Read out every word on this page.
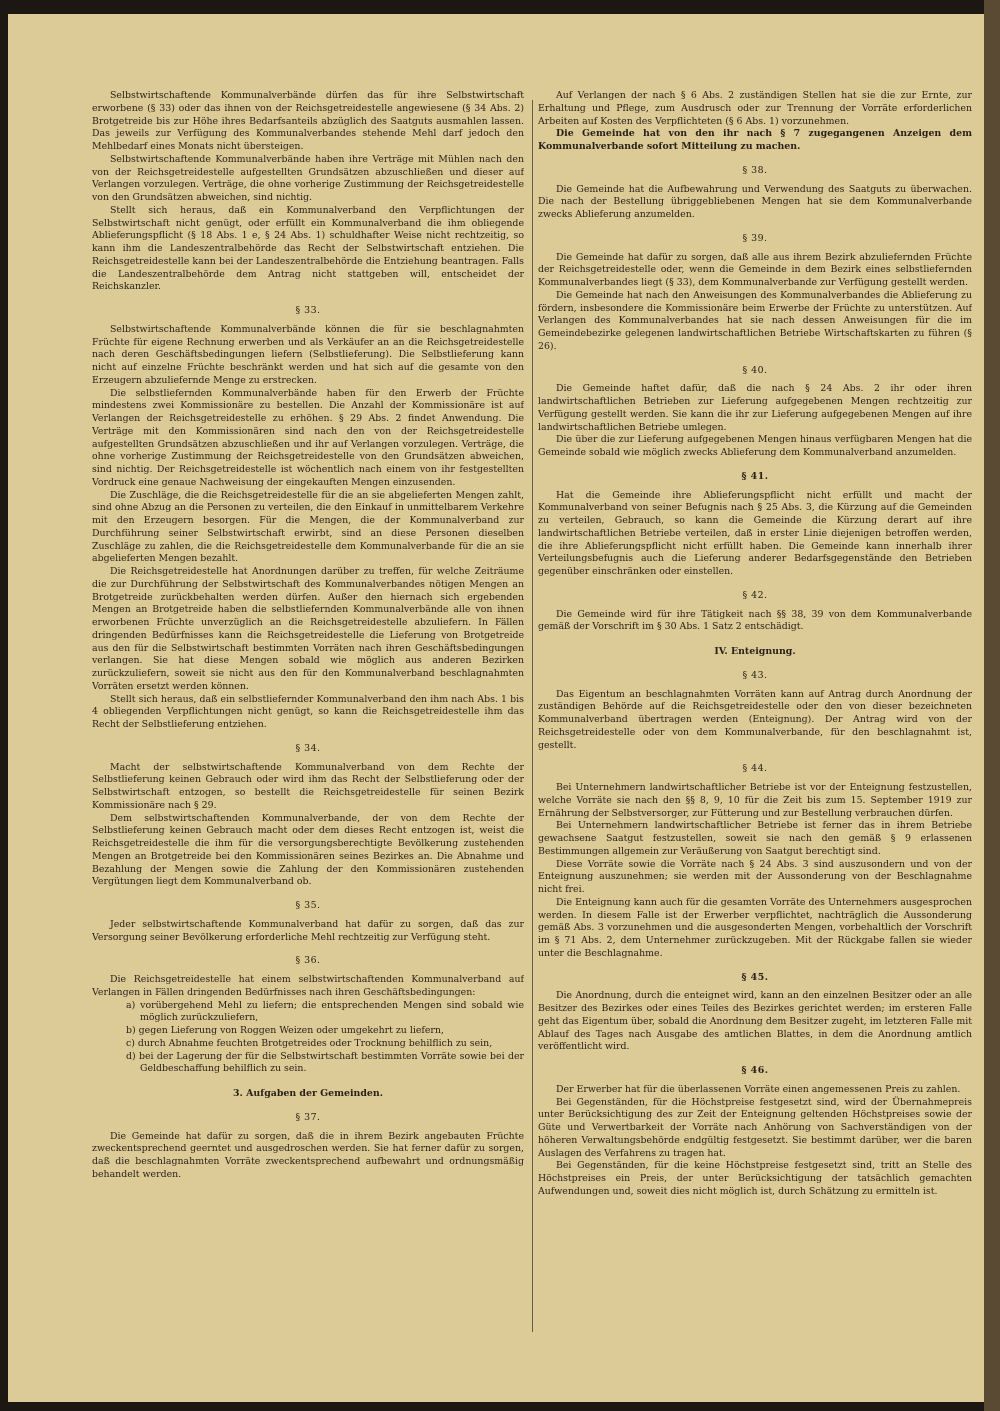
Selbstwirtschaftende Kommunalverbände dürfen das für ihre Selbstwirtschaft erworbene (§ 33) oder das ihnen von der Reichsgetreidestelle angewiesene (§ 34 Abs. 2) Brotgetreide bis zur Höhe ihres Bedarfsanteils abzüglich des Saatguts ausmahlen lassen. Das jeweils zur Verfügung des Kommunalverbandes stehende Mehl darf jedoch den Mehlbedarf eines Monats nicht übersteigen.

Selbstwirtschaftende Kommunalverbände haben ihre Verträge mit Mühlen nach den von der Reichsgetreidestelle aufgestellten Grundsätzen abzuschließen und dieser auf Verlangen vorzulegen. Verträge, die ohne vorherige Zustimmung der Reichsgetreidestelle von den Grundsätzen abweichen, sind nichtig.

Stellt sich heraus, daß ein Kommunalverband den Verpflichtungen der Selbstwirtschaft nicht genügt, oder erfüllt ein Kommunalverband die ihm obliegende Ablieferungspflicht (§ 18 Abs. 1 e, § 24 Abs. 1) schuldhafter Weise nicht rechtzeitig, so kann ihm die Landeszentralbehörde das Recht der Selbstwirtschaft entziehen. Die Reichsgetreidestelle kann bei der Landeszentralbehörde die Entziehung beantragen. Falls die Landeszentralbehörde dem Antrag nicht stattgeben will, entscheidet der Reichskanzler.

§ 33.

Selbstwirtschaftende Kommunalverbände können die für sie beschlagnahmten Früchte für eigene Rechnung erwerben und als Verkäufer an an die Reichsgetreidestelle nach deren Geschäftsbedingungen liefern (Selbstlieferung). Die Selbstlieferung kann nicht auf einzelne Früchte beschränkt werden und hat sich auf die gesamte von den Erzeugern abzuliefernde Menge zu erstrecken.

Die selbstliefernden Kommunalverbände haben für den Erwerb der Früchte mindestens zwei Kommissionäre zu bestellen. Die Anzahl der Kommissionäre ist auf Verlangen der Reichsgetreidestelle zu erhöhen. § 29 Abs. 2 findet Anwendung. Die Verträge mit den Kommissionären sind nach den von der Reichsgetreidestelle aufgestellten Grundsätzen abzuschließen und ihr auf Verlangen vorzulegen. Verträge, die ohne vorherige Zustimmung der Reichsgetreidestelle von den Grundsätzen abweichen, sind nichtig. Der Reichsgetreidestelle ist wöchentlich nach einem von ihr festgestellten Vordruck eine genaue Nachweisung der eingekauften Mengen einzusenden.

Die Zuschläge, die die Reichsgetreidestelle für die an sie abgelieferten Mengen zahlt, sind ohne Abzug an die Personen zu verteilen, die den Einkauf in unmittelbarem Verkehre mit den Erzeugern besorgen. Für die Mengen, die der Kommunalverband zur Durchführung seiner Selbstwirtschaft erwirbt, sind an diese Personen dieselben Zuschläge zu zahlen, die die Reichsgetreidestelle dem Kommunalverbande für die an sie abgelieferten Mengen bezahlt.

Die Reichsgetreidestelle hat Anordnungen darüber zu treffen, für welche Zeiträume die zur Durchführung der Selbstwirtschaft des Kommunalverbandes nötigen Mengen an Brotgetreide zurückbehalten werden dürfen. Außer den hiernach sich ergebenden Mengen an Brotgetreide haben die selbstliefernden Kommunalverbände alle von ihnen erworbenen Früchte unverzüglich an die Reichsgetreidestelle abzuliefern. In Fällen dringenden Bedürfnisses kann die Reichsgetreidestelle die Lieferung von Brotgetreide aus den für die Selbstwirtschaft bestimmten Vorräten nach ihren Geschäftsbedingungen verlangen. Sie hat diese Mengen sobald wie möglich aus anderen Bezirken zurückzuliefern, soweit sie nicht aus den für den Kommunalverband beschlagnahmten Vorräten ersetzt werden können.

Stellt sich heraus, daß ein selbstliefernder Kommunalverband den ihm nach Abs. 1 bis 4 obliegenden Verpflichtungen nicht genügt, so kann die Reichsgetreidestelle ihm das Recht der Selbstlieferung entziehen.

§ 34.

Macht der selbstwirtschaftende Kommunalverband von dem Rechte der Selbstlieferung keinen Gebrauch oder wird ihm das Recht der Selbstlieferung oder der Selbstwirtschaft entzogen, so bestellt die Reichsgetreidestelle für seinen Bezirk Kommissionäre nach § 29.

Dem selbstwirtschaftenden Kommunalverbande, der von dem Rechte der Selbstlieferung keinen Gebrauch macht oder dem dieses Recht entzogen ist, weist die Reichsgetreidestelle die ihm für die versorgungsberechtigte Bevölkerung zustehenden Mengen an Brotgetreide bei den Kommissionären seines Bezirkes an. Die Abnahme und Bezahlung der Mengen sowie die Zahlung der den Kommissionären zustehenden Vergütungen liegt dem Kommunalverband ob.

§ 35.

Jeder selbstwirtschaftende Kommunalverband hat dafür zu sorgen, daß das zur Versorgung seiner Bevölkerung erforderliche Mehl rechtzeitig zur Verfügung steht.

§ 36.

Die Reichsgetreidestelle hat einem selbstwirtschaftenden Kommunalverband auf Verlangen in Fällen dringenden Bedürfnisses nach ihren Geschäftsbedingungen:

a) vorübergehend Mehl zu liefern; die entsprechenden Mengen sind sobald wie möglich zurückzuliefern,
b) gegen Lieferung von Roggen Weizen oder umgekehrt zu liefern,
c) durch Abnahme feuchten Brotgetreides oder Trocknung behilflich zu sein,
d) bei der Lagerung der für die Selbstwirtschaft bestimmten Vorräte sowie bei der Geldbeschaffung behilflich zu sein.
3. Aufgaben der Gemeinden.
§ 37.

Die Gemeinde hat dafür zu sorgen, daß die in ihrem Bezirk angebauten Früchte zweckentsprechend geerntet und ausgedroschen werden. Sie hat ferner dafür zu sorgen, daß die beschlagnahmten Vorräte zweckentsprechend aufbewahrt und ordnungsmäßig behandelt werden.

Auf Verlangen der nach § 6 Abs. 2 zuständigen Stellen hat sie die zur Ernte, zur Erhaltung und Pflege, zum Ausdrusch oder zur Trennung der Vorräte erforderlichen Arbeiten auf Kosten des Verpflichteten (§ 6 Abs. 1) vorzunehmen.

Die Gemeinde hat von den ihr nach § 7 zugegangenen Anzeigen dem Kommunalverbande sofort Mitteilung zu machen.

§ 38.

Die Gemeinde hat die Aufbewahrung und Verwendung des Saatguts zu überwachen. Die nach der Bestellung übriggebliebenen Mengen hat sie dem Kommunalverbande zwecks Ablieferung anzumelden.

§ 39.

Die Gemeinde hat dafür zu sorgen, daß alle aus ihrem Bezirk abzuliefernden Früchte der Reichsgetreidestelle oder, wenn die Gemeinde in dem Bezirk eines selbstliefernden Kommunalverbandes liegt (§ 33), dem Kommunalverbande zur Verfügung gestellt werden.

Die Gemeinde hat nach den Anweisungen des Kommunalverbandes die Ablieferung zu fördern, insbesondere die Kommissionäre beim Erwerbe der Früchte zu unterstützen. Auf Verlangen des Kommunalverbandes hat sie nach dessen Anweisungen für die im Gemeindebezirke gelegenen landwirtschaftlichen Betriebe Wirtschaftskarten zu führen (§ 26).

§ 40.

Die Gemeinde haftet dafür, daß die nach § 24 Abs. 2 ihr oder ihren landwirtschaftlichen Betrieben zur Lieferung aufgegebenen Mengen rechtzeitig zur Verfügung gestellt werden. Sie kann die ihr zur Lieferung aufgegebenen Mengen auf ihre landwirtschaftlichen Betriebe umlegen.

Die über die zur Lieferung aufgegebenen Mengen hinaus verfügbaren Mengen hat die Gemeinde sobald wie möglich zwecks Ablieferung dem Kommunalverband anzumelden.

§ 41.

Hat die Gemeinde ihre Ablieferungspflicht nicht erfüllt und macht der Kommunalverband von seiner Befugnis nach § 25 Abs. 3, die Kürzung auf die Gemeinden zu verteilen, Gebrauch, so kann die Gemeinde die Kürzung derart auf ihre landwirtschaftlichen Betriebe verteilen, daß in erster Linie diejenigen betroffen werden, die ihre Ablieferungspflicht nicht erfüllt haben. Die Gemeinde kann innerhalb ihrer Verteilungsbefugnis auch die Lieferung anderer Bedarfsgegenstände den Betrieben gegenüber einschränken oder einstellen.

§ 42.

Die Gemeinde wird für ihre Tätigkeit nach §§ 38, 39 von dem Kommunalverbande gemäß der Vorschrift im § 30 Abs. 1 Satz 2 entschädigt.

IV. Enteignung.
§ 43.

Das Eigentum an beschlagnahmten Vorräten kann auf Antrag durch Anordnung der zuständigen Behörde auf die Reichsgetreidestelle oder den von dieser bezeichneten Kommunalverband übertragen werden (Enteignung). Der Antrag wird von der Reichsgetreidestelle oder von dem Kommunalverbande, für den beschlagnahmt ist, gestellt.

§ 44.

Bei Unternehmern landwirtschaftlicher Betriebe ist vor der Enteignung festzustellen, welche Vorräte sie nach den §§ 8, 9, 10 für die Zeit bis zum 15. September 1919 zur Ernährung der Selbstversorger, zur Fütterung und zur Bestellung verbrauchen dürfen.

Bei Unternehmern landwirtschaftlicher Betriebe ist ferner das in ihrem Betriebe gewachsene Saatgut festzustellen, soweit sie nach den gemäß § 9 erlassenen Bestimmungen allgemein zur Veräußerung von Saatgut berechtigt sind.

Diese Vorräte sowie die Vorräte nach § 24 Abs. 3 sind auszusondern und von der Enteignung auszunehmen; sie werden mit der Aussonderung von der Beschlagnahme nicht frei.

Die Enteignung kann auch für die gesamten Vorräte des Unternehmers ausgesprochen werden. In diesem Falle ist der Erwerber verpflichtet, nachträglich die Aussonderung gemäß Abs. 3 vorzunehmen und die ausgesonderten Mengen, vorbehaltlich der Vorschrift im § 71 Abs. 2, dem Unternehmer zurückzugeben. Mit der Rückgabe fallen sie wieder unter die Beschlagnahme.

§ 45.

Die Anordnung, durch die enteignet wird, kann an den einzelnen Besitzer oder an alle Besitzer des Bezirkes oder eines Teiles des Bezirkes gerichtet werden; im ersteren Falle geht das Eigentum über, sobald die Anordnung dem Besitzer zugeht, im letzteren Falle mit Ablauf des Tages nach Ausgabe des amtlichen Blattes, in dem die Anordnung amtlich veröffentlicht wird.

§ 46.

Der Erwerber hat für die überlassenen Vorräte einen angemessenen Preis zu zahlen.

Bei Gegenständen, für die Höchstpreise festgesetzt sind, wird der Übernahmepreis unter Berücksichtigung des zur Zeit der Enteignung geltenden Höchstpreises sowie der Güte und Verwertbarkeit der Vorräte nach Anhörung von Sachverständigen von der höheren Verwaltungsbehörde endgültig festgesetzt. Sie bestimmt darüber, wer die baren Auslagen des Verfahrens zu tragen hat.

Bei Gegenständen, für die keine Höchstpreise festgesetzt sind, tritt an Stelle des Höchstpreises ein Preis, der unter Berücksichtigung der tatsächlich gemachten Aufwendungen und, soweit dies nicht möglich ist, durch Schätzung zu ermitteln ist.
